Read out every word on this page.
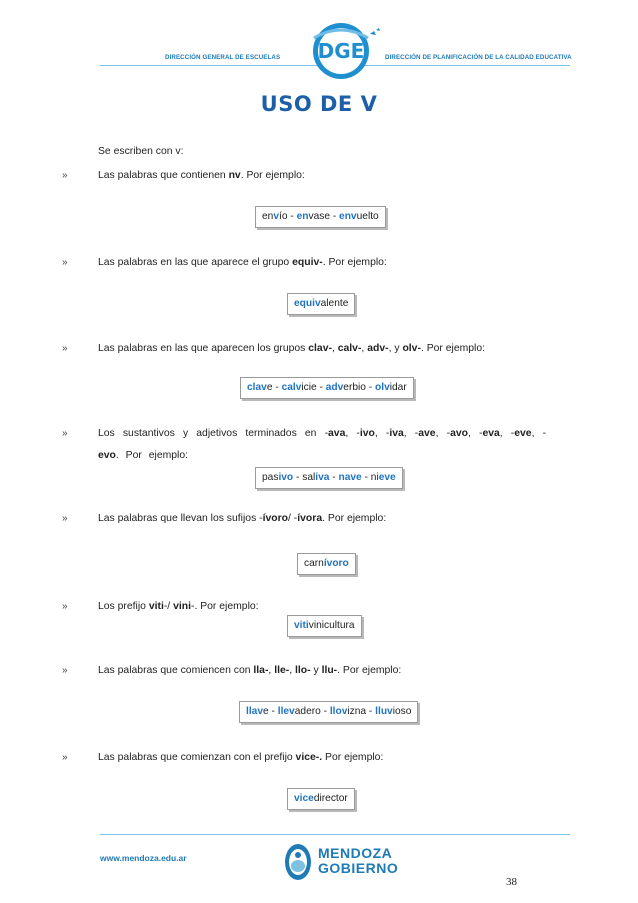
DIRECCIÓN GENERAL DE ESCUELAS	DIRECCIÓN DE PLANIFICACIÓN DE LA CALIDAD EDUCATIVA
DGE
USO DE V
Se escriben con v:
»	Las palabras que contienen nv. Por ejemplo:
envío - envase - envuelto
»	Las palabras en las que aparece el grupo equiv-. Por ejemplo:
equivalente
»	Las palabras en las que aparecen los grupos clav-, calv-, adv-, y olv-. Por ejemplo:
clave - calvicie - adverbio - olvidar
»	Los sustantivos y adjetivos terminados en -ava, -ivo, -iva, -ave, -avo, -eva, -eve, -evo. Por ejemplo:
pasivo - saliva - nave - nieve
»	Las palabras que llevan los sufijos -ívoro/ -ívora. Por ejemplo:
carnívoro
»	Los prefijo viti-/ vini-. Por ejemplo:
vitivinicultura
»	Las palabras que comiencen con lla-, lle-, llo- y llu-. Por ejemplo:
llave - llevadero - llovizna - lluvioso
»	Las palabras que comienzan con el prefijo vice-. Por ejemplo:
vicedirector
www.mendoza.edu.ar	MENDOZA
GOBIERNO
38
